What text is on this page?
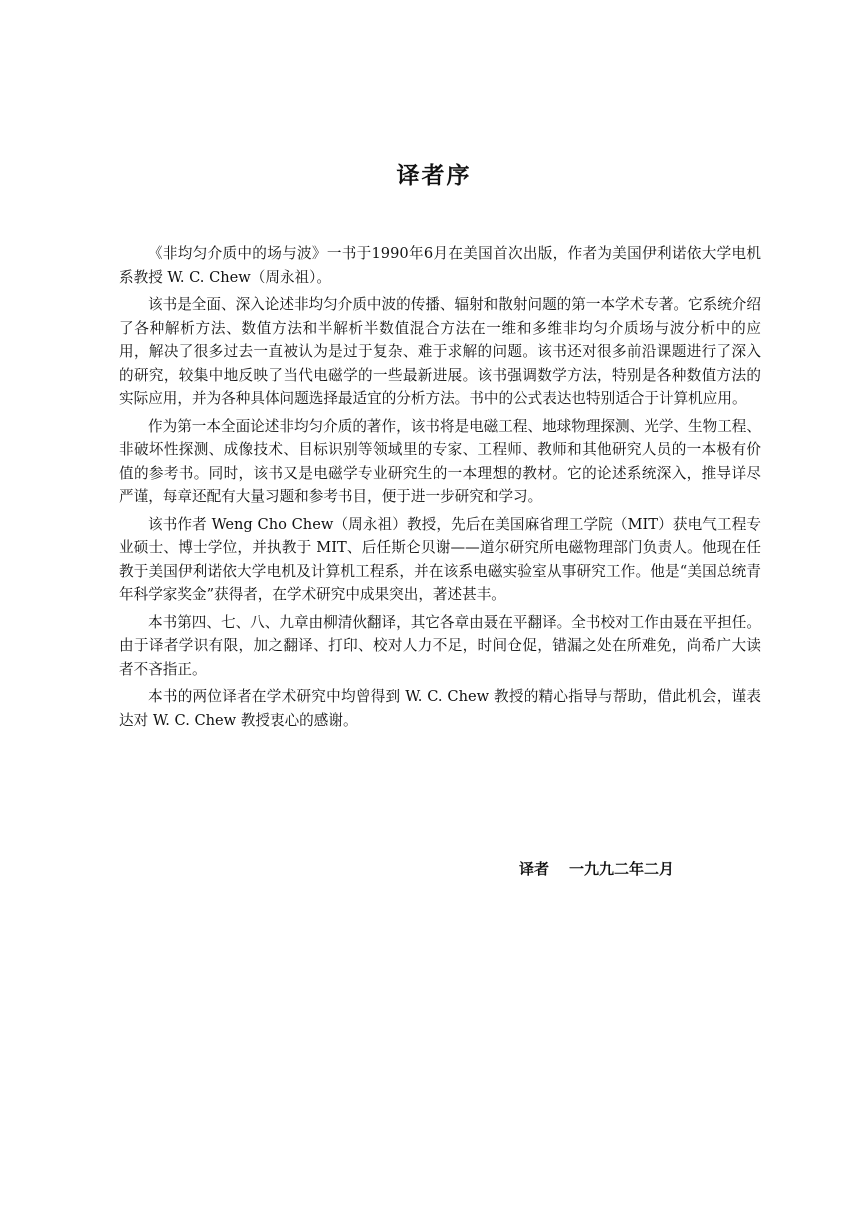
译者序

《非均匀介质中的场与波》一书于1990年6月在美国首次出版，作者为美国伊利诺依大学电机系教授 W. C. Chew（周永祖）。

该书是全面、深入论述非均匀介质中波的传播、辐射和散射问题的第一本学术专著。它系统介绍了各种解析方法、数值方法和半解析半数值混合方法在一维和多维非均匀介质场与波分析中的应用，解决了很多过去一直被认为是过于复杂、难于求解的问题。该书还对很多前沿课题进行了深入的研究，较集中地反映了当代电磁学的一些最新进展。该书强调数学方法，特别是各种数值方法的实际应用，并为各种具体问题选择最适宜的分析方法。书中的公式表达也特别适合于计算机应用。

作为第一本全面论述非均匀介质的著作，该书将是电磁工程、地球物理探测、光学、生物工程、非破坏性探测、成像技术、目标识别等领域里的专家、工程师、教师和其他研究人员的一本极有价值的参考书。同时，该书又是电磁学专业研究生的一本理想的教材。它的论述系统深入，推导详尽严谨，每章还配有大量习题和参考书目，便于进一步研究和学习。

该书作者 Weng Cho Chew（周永祖）教授，先后在美国麻省理工学院（MIT）获电气工程专业硕士、博士学位，并执教于 MIT、后任斯仑贝谢——道尔研究所电磁物理部门负责人。他现在任教于美国伊利诺依大学电机及计算机工程系，并在该系电磁实验室从事研究工作。他是“美国总统青年科学家奖金”获得者，在学术研究中成果突出，著述甚丰。

本书第四、七、八、九章由柳清伙翻译，其它各章由聂在平翻译。全书校对工作由聂在平担任。由于译者学识有限，加之翻译、打印、校对人力不足，时间仓促，错漏之处在所难免，尚希广大读者不吝指正。

本书的两位译者在学术研究中均曾得到 W. C. Chew 教授的精心指导与帮助，借此机会，谨表达对 W. C. Chew 教授衷心的感谢。

译者 一九九二年二月
